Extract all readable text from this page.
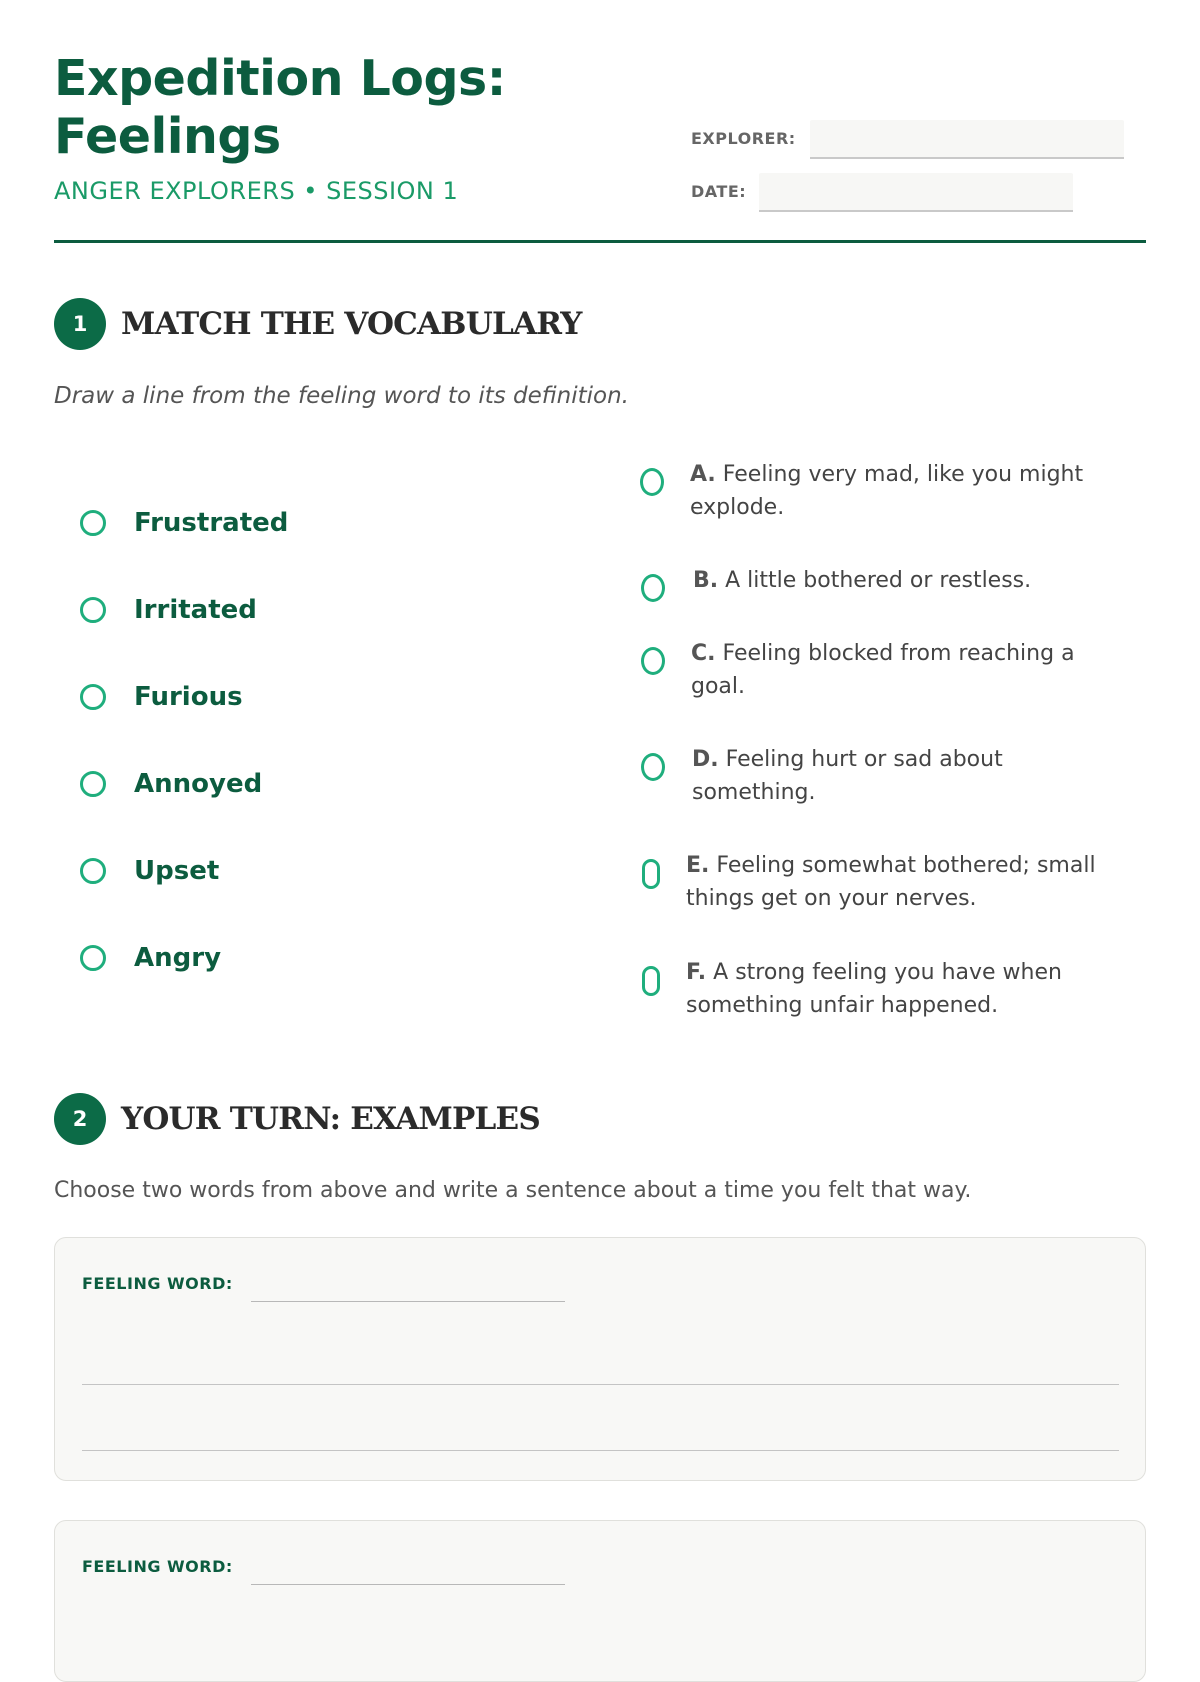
Expedition Logs: Feelings
ANGER EXPLORERS • SESSION 1
EXPLORER:
DATE:
1	MATCH THE VOCABULARY
Draw a line from the feeling word to its definition.
Frustrated
Irritated
Furious
Annoyed
Upset
Angry
A. Feeling very mad, like you might explode.
B. A little bothered or restless.
C. Feeling blocked from reaching a goal.
D. Feeling hurt or sad about something.
E. Feeling somewhat bothered; small things get on your nerves.
F. A strong feeling you have when something unfair happened.
2	YOUR TURN: EXAMPLES
Choose two words from above and write a sentence about a time you felt that way.
FEELING WORD:
FEELING WORD:
